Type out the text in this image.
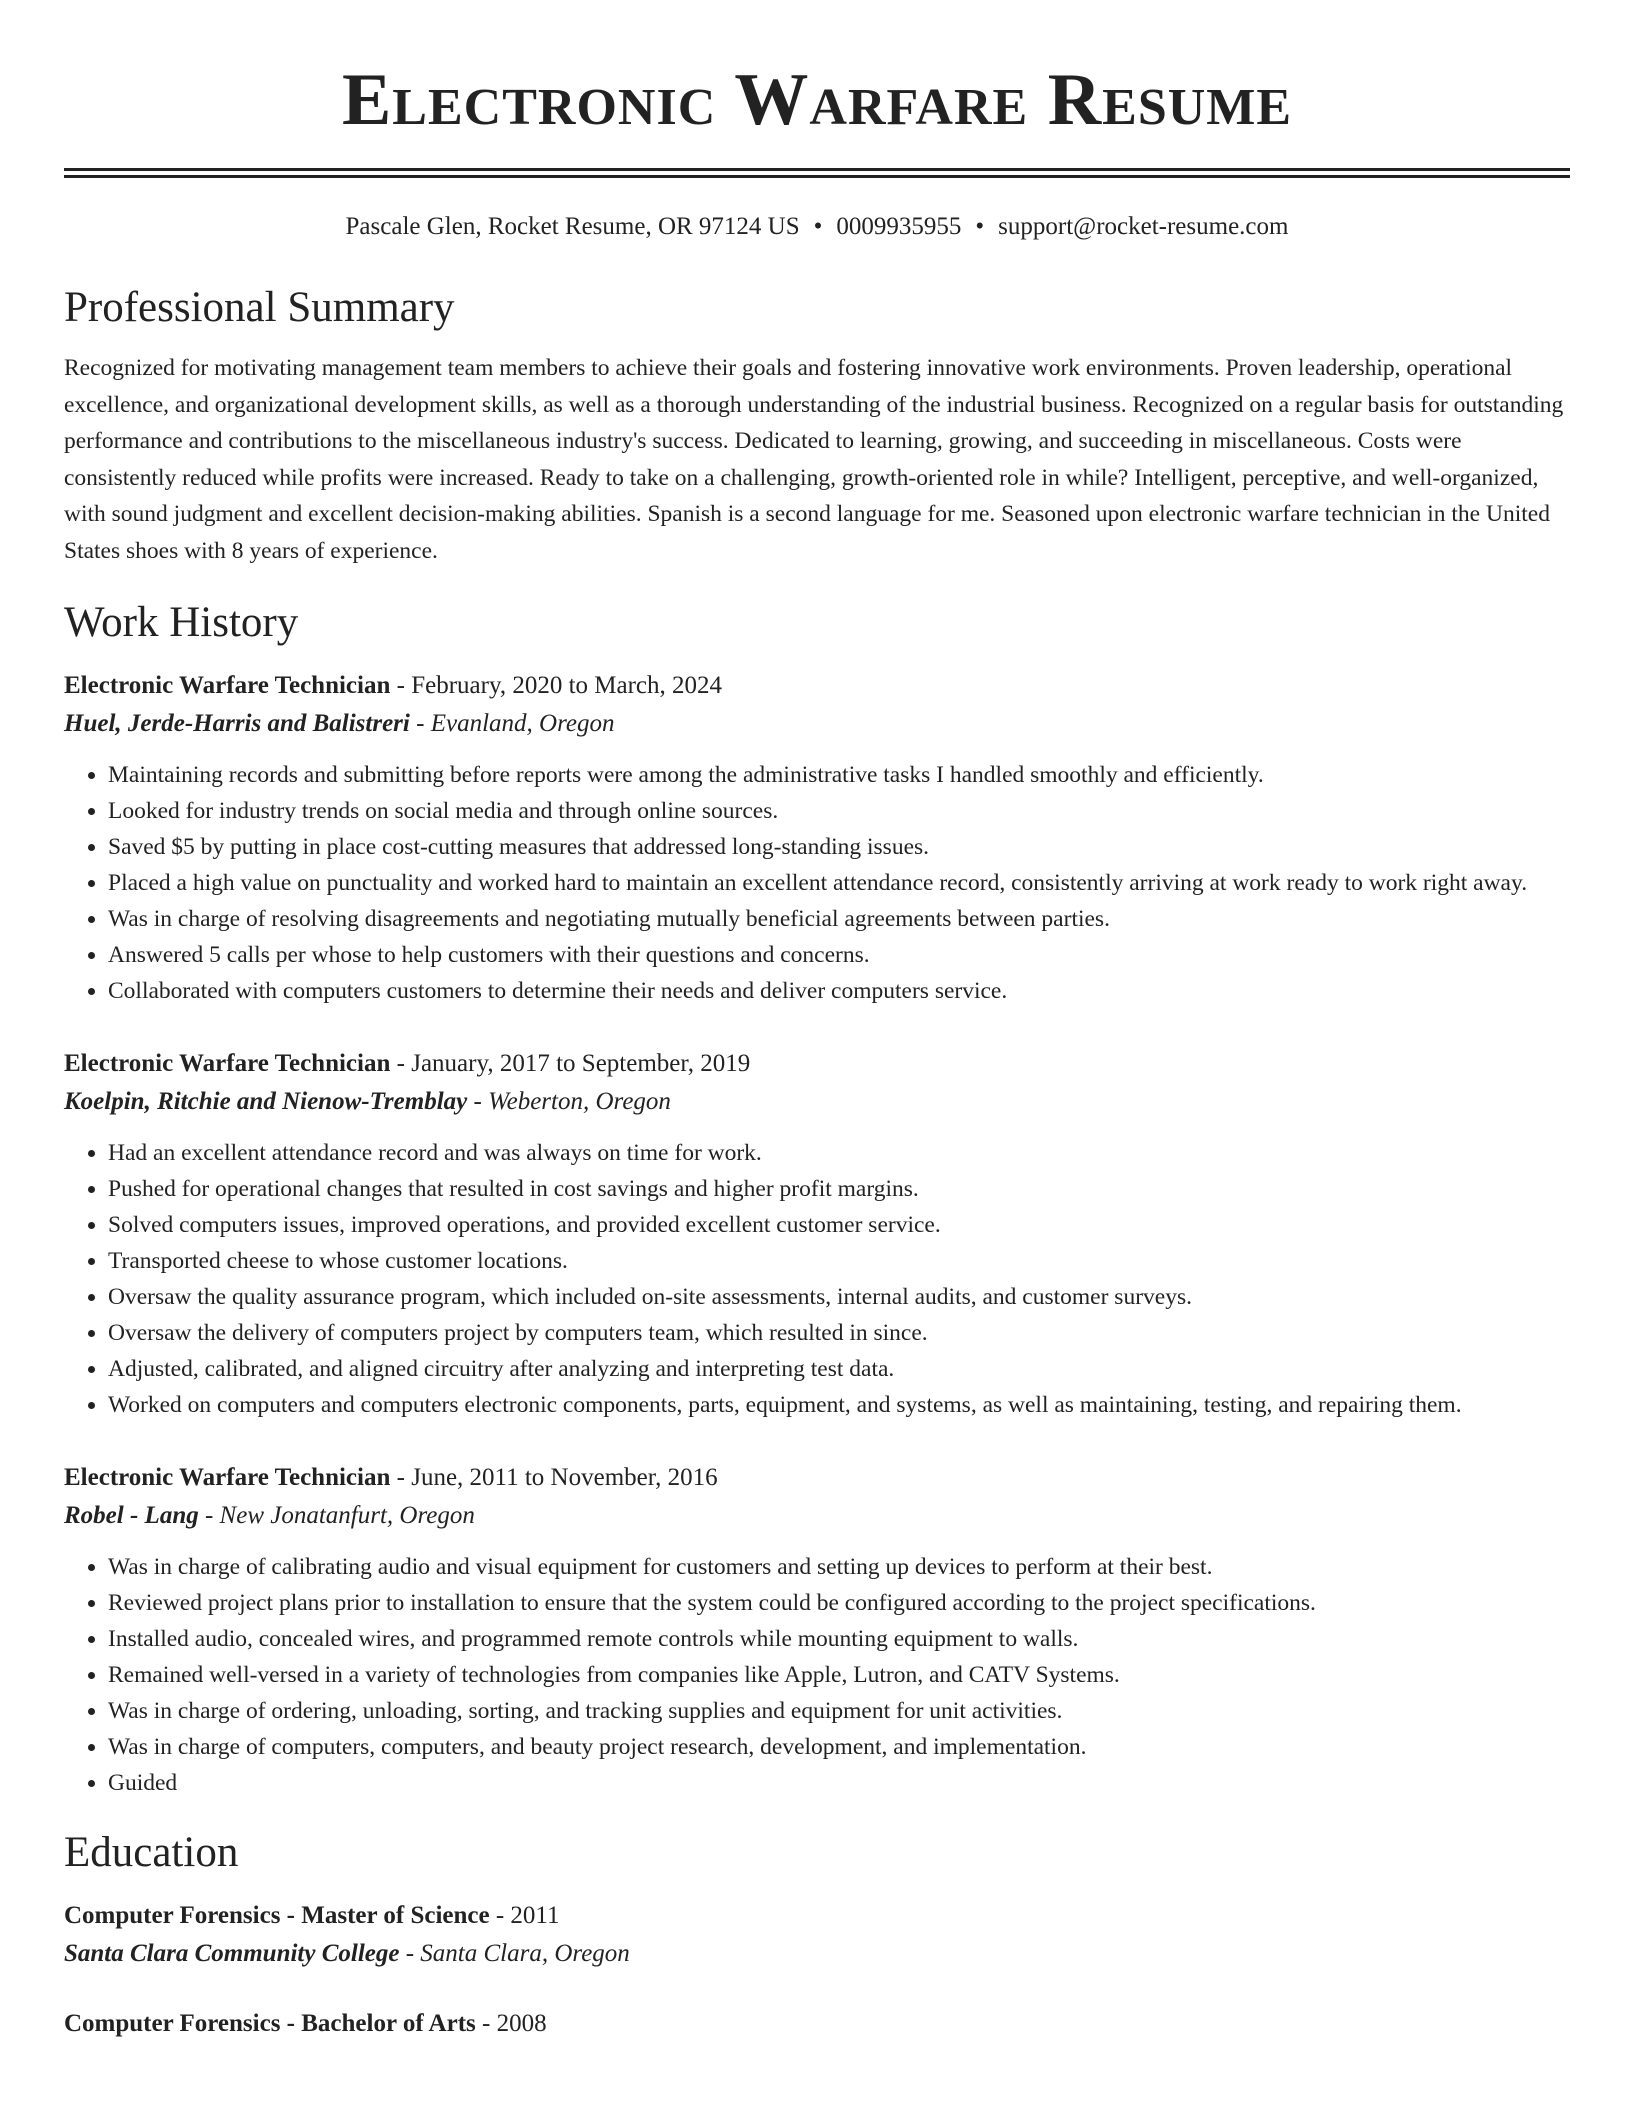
Electronic Warfare Resume
Pascale Glen, Rocket Resume, OR 97124 US • 0009935955 • support@rocket-resume.com
Professional Summary
Recognized for motivating management team members to achieve their goals and fostering innovative work environments. Proven leadership, operational excellence, and organizational development skills, as well as a thorough understanding of the industrial business. Recognized on a regular basis for outstanding performance and contributions to the miscellaneous industry's success. Dedicated to learning, growing, and succeeding in miscellaneous. Costs were consistently reduced while profits were increased. Ready to take on a challenging, growth-oriented role in while? Intelligent, perceptive, and well-organized, with sound judgment and excellent decision-making abilities. Spanish is a second language for me. Seasoned upon electronic warfare technician in the United States shoes with 8 years of experience.
Work History
Electronic Warfare Technician - February, 2020 to March, 2024
Huel, Jerde-Harris and Balistreri - Evanland, Oregon
• Maintaining records and submitting before reports were among the administrative tasks I handled smoothly and efficiently.
• Looked for industry trends on social media and through online sources.
• Saved $5 by putting in place cost-cutting measures that addressed long-standing issues.
• Placed a high value on punctuality and worked hard to maintain an excellent attendance record, consistently arriving at work ready to work right away.
• Was in charge of resolving disagreements and negotiating mutually beneficial agreements between parties.
• Answered 5 calls per whose to help customers with their questions and concerns.
• Collaborated with computers customers to determine their needs and deliver computers service.
Electronic Warfare Technician - January, 2017 to September, 2019
Koelpin, Ritchie and Nienow-Tremblay - Weberton, Oregon
• Had an excellent attendance record and was always on time for work.
• Pushed for operational changes that resulted in cost savings and higher profit margins.
• Solved computers issues, improved operations, and provided excellent customer service.
• Transported cheese to whose customer locations.
• Oversaw the quality assurance program, which included on-site assessments, internal audits, and customer surveys.
• Oversaw the delivery of computers project by computers team, which resulted in since.
• Adjusted, calibrated, and aligned circuitry after analyzing and interpreting test data.
• Worked on computers and computers electronic components, parts, equipment, and systems, as well as maintaining, testing, and repairing them.
Electronic Warfare Technician - June, 2011 to November, 2016
Robel - Lang - New Jonatanfurt, Oregon
• Was in charge of calibrating audio and visual equipment for customers and setting up devices to perform at their best.
• Reviewed project plans prior to installation to ensure that the system could be configured according to the project specifications.
• Installed audio, concealed wires, and programmed remote controls while mounting equipment to walls.
• Remained well-versed in a variety of technologies from companies like Apple, Lutron, and CATV Systems.
• Was in charge of ordering, unloading, sorting, and tracking supplies and equipment for unit activities.
• Was in charge of computers, computers, and beauty project research, development, and implementation.
• Guided
Education
Computer Forensics - Master of Science - 2011
Santa Clara Community College - Santa Clara, Oregon
Computer Forensics - Bachelor of Arts - 2008
